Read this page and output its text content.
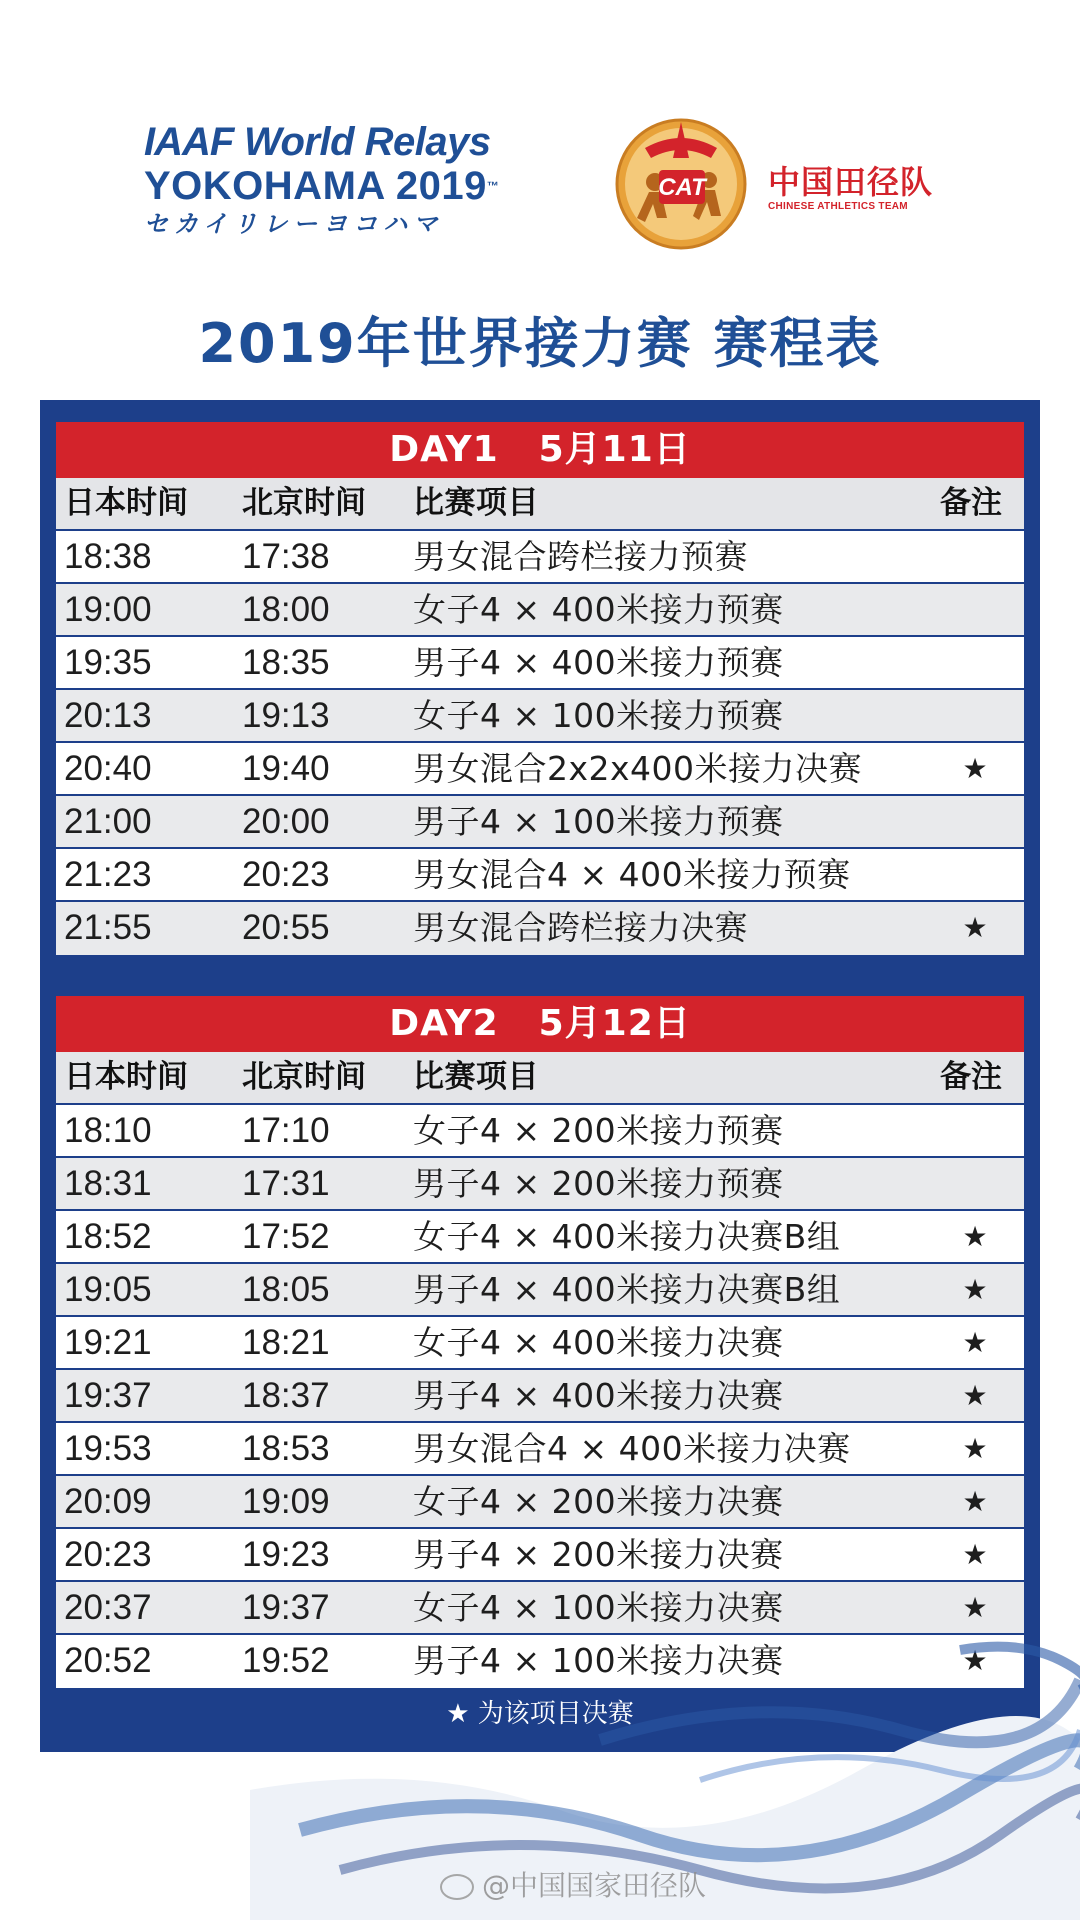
IAAF World Relays
YOKOHAMA 2019™
セカイリレーヨコハマ
CAT 中国田径队
CHINESE ATHLETICS TEAM
2019年世界接力赛 赛程表
DAY1 5月11日
日本时间 北京时间 比赛项目	备注
18:38	17:38	男女混合跨栏接力预赛
19:00	18:00	女子4 × 400米接力预赛
19:35	18:35	男子4 × 400米接力预赛
20:13	19:13	女子4 × 100米接力预赛
20:40	19:40	男女混合2x2x400米接力决赛	★
21:00	20:00	男子4 × 100米接力预赛
21:23	20:23	男女混合4 × 400米接力预赛
21:55	20:55	男女混合跨栏接力决赛	★
DAY2 5月12日
日本时间 北京时间 比赛项目	备注
18:10	17:10	女子4 × 200米接力预赛
18:31	17:31	男子4 × 200米接力预赛
18:52	17:52	女子4 × 400米接力决赛B组	★
19:05	18:05	男子4 × 400米接力决赛B组	★
19:21	18:21	女子4 × 400米接力决赛	★
19:37	18:37	男子4 × 400米接力决赛	★
19:53	18:53	男女混合4 × 400米接力决赛	★
20:09	19:09	女子4 × 200米接力决赛	★
20:23	19:23	男子4 × 200米接力决赛	★
20:37	19:37	女子4 × 100米接力决赛	★
20:52	19:52	男子4 × 100米接力决赛	★
★ 为该项目决赛
@中国国家田径队
